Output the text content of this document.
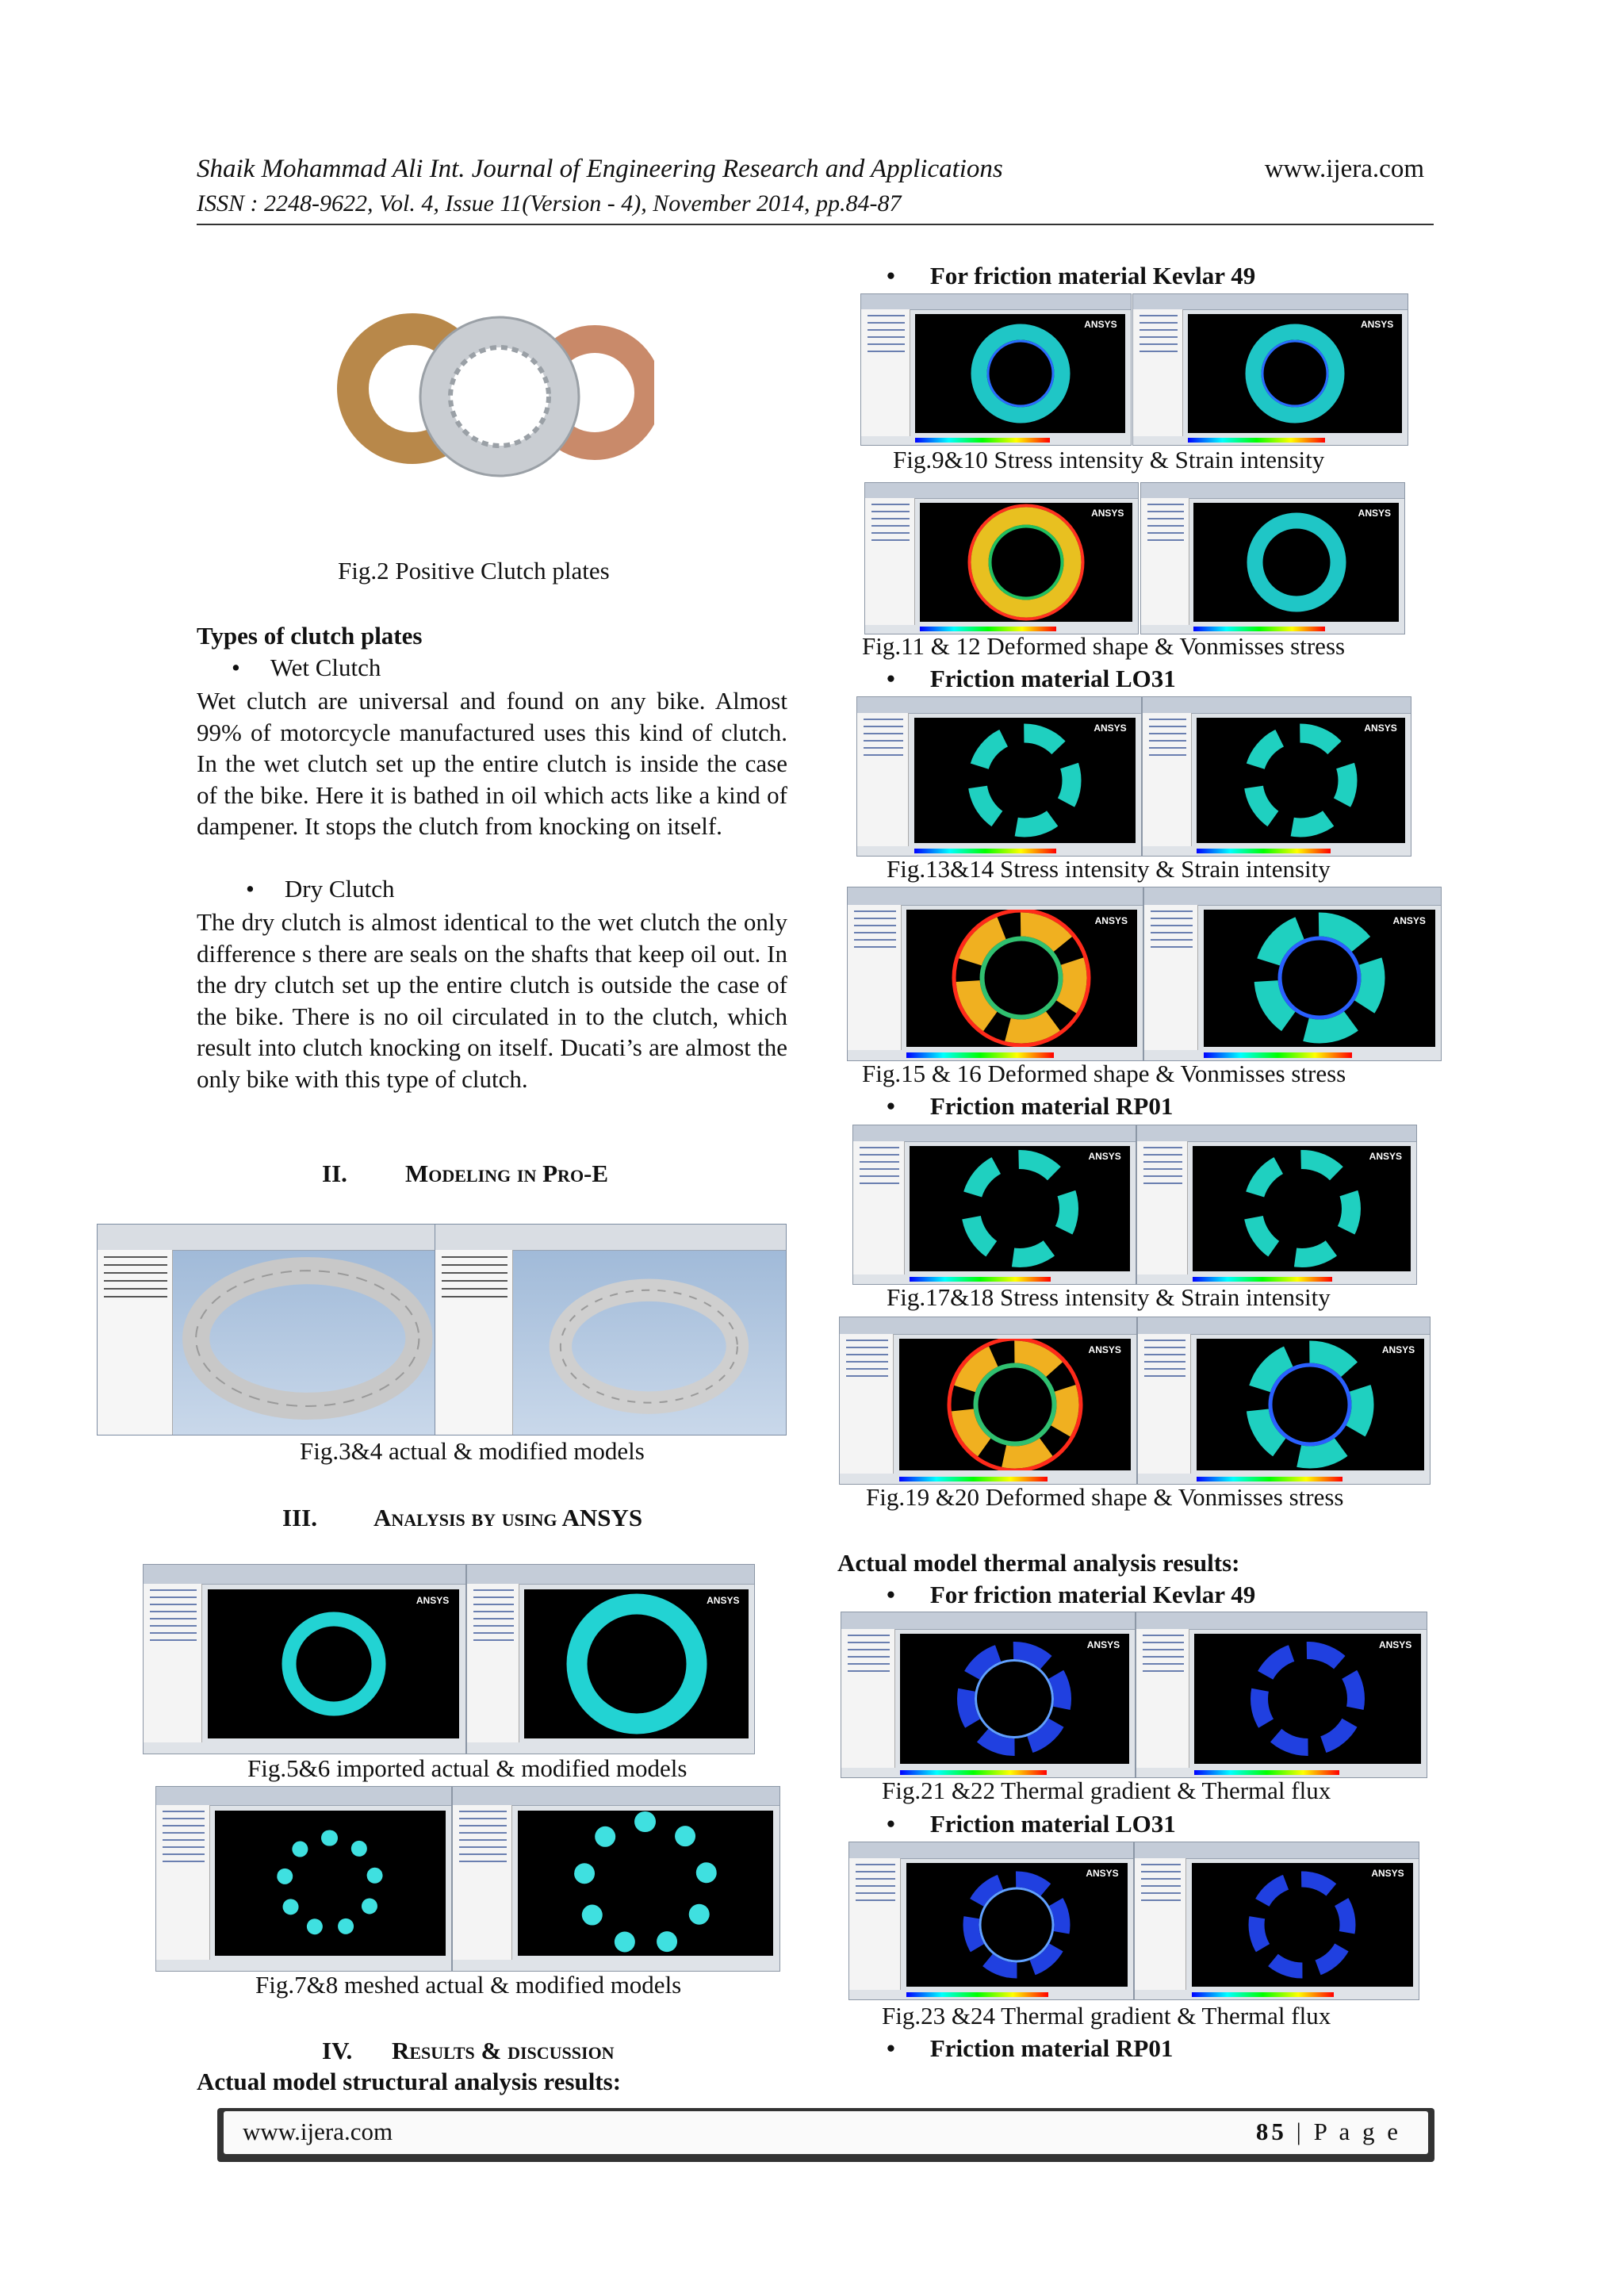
Shaik Mohammad Ali Int. Journal of Engineering Research and Applications	www.ijera.com
ISSN : 2248-9622, Vol. 4, Issue 11(Version - 4), November 2014, pp.84-87
Fig.2 Positive Clutch plates
Types of clutch plates
• Wet Clutch
Wet clutch are universal and found on any bike. Almost 99% of motorcycle manufactured uses this kind of clutch. In the wet clutch set up the entire clutch is inside the case of the bike. Here it is bathed in oil which acts like a kind of dampener. It stops the clutch from knocking on itself.
• Dry Clutch
The dry clutch is almost identical to the wet clutch the only difference s there are seals on the shafts that keep oil out. In the dry clutch set up the entire clutch is outside the case of the bike. There is no oil circulated in to the clutch, which result into clutch knocking on itself. Ducati’s are almost the only bike with this type of clutch.
II. Modeling in Pro-E
Fig.3&4 actual & modified models
III. Analysis by using ANSYS
ANSYS	ANSYS
Fig.5&6 imported actual & modified models
Fig.7&8 meshed actual & modified models
IV. Results & discussion
Actual model structural analysis results:
• For friction material Kevlar 49
ANSYS	ANSYS
Fig.9&10 Stress intensity & Strain intensity
ANSYS	ANSYS
Fig.11 & 12 Deformed shape & Vonmisses stress
• Friction material LO31
ANSYS	ANSYS
Fig.13&14 Stress intensity & Strain intensity
ANSYS	ANSYS
Fig.15 & 16 Deformed shape & Vonmisses stress
• Friction material RP01
ANSYS	ANSYS
Fig.17&18 Stress intensity & Strain intensity
ANSYS	ANSYS
Fig.19 &20 Deformed shape & Vonmisses stress
Actual model thermal analysis results:
• For friction material Kevlar 49
ANSYS	ANSYS
Fig.21 &22 Thermal gradient & Thermal flux
• Friction material LO31
ANSYS	ANSYS
Fig.23 &24 Thermal gradient & Thermal flux
• Friction material RP01
www.ijera.com	85 | P a g e
